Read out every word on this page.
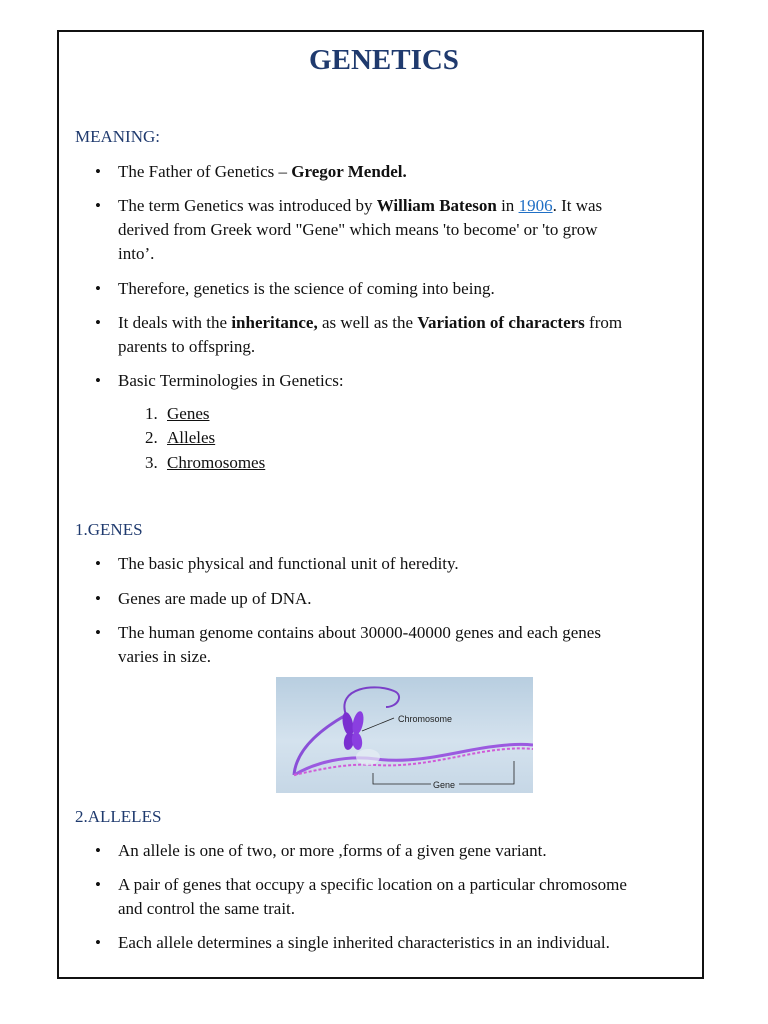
GENETICS
MEANING:
• The Father of Genetics – Gregor Mendel.
• The term Genetics was introduced by William Bateson in 1906. It was
derived from Greek word "Gene" which means 'to become' or 'to grow
into’.
• Therefore, genetics is the science of coming into being.
• It deals with the inheritance, as well as the Variation of characters from
parents to offspring.
• Basic Terminologies in Genetics:
1. Genes
2. Alleles
3. Chromosomes
1.GENES
• The basic physical and functional unit of heredity.
• Genes are made up of DNA.
• The human genome contains about 30000-40000 genes and each genes
varies in size.
Chromosome
Gene
2.ALLELES
• An allele is one of two, or more ,forms of a given gene variant.
• A pair of genes that occupy a specific location on a particular chromosome
and control the same trait.
• Each allele determines a single inherited characteristics in an individual.
